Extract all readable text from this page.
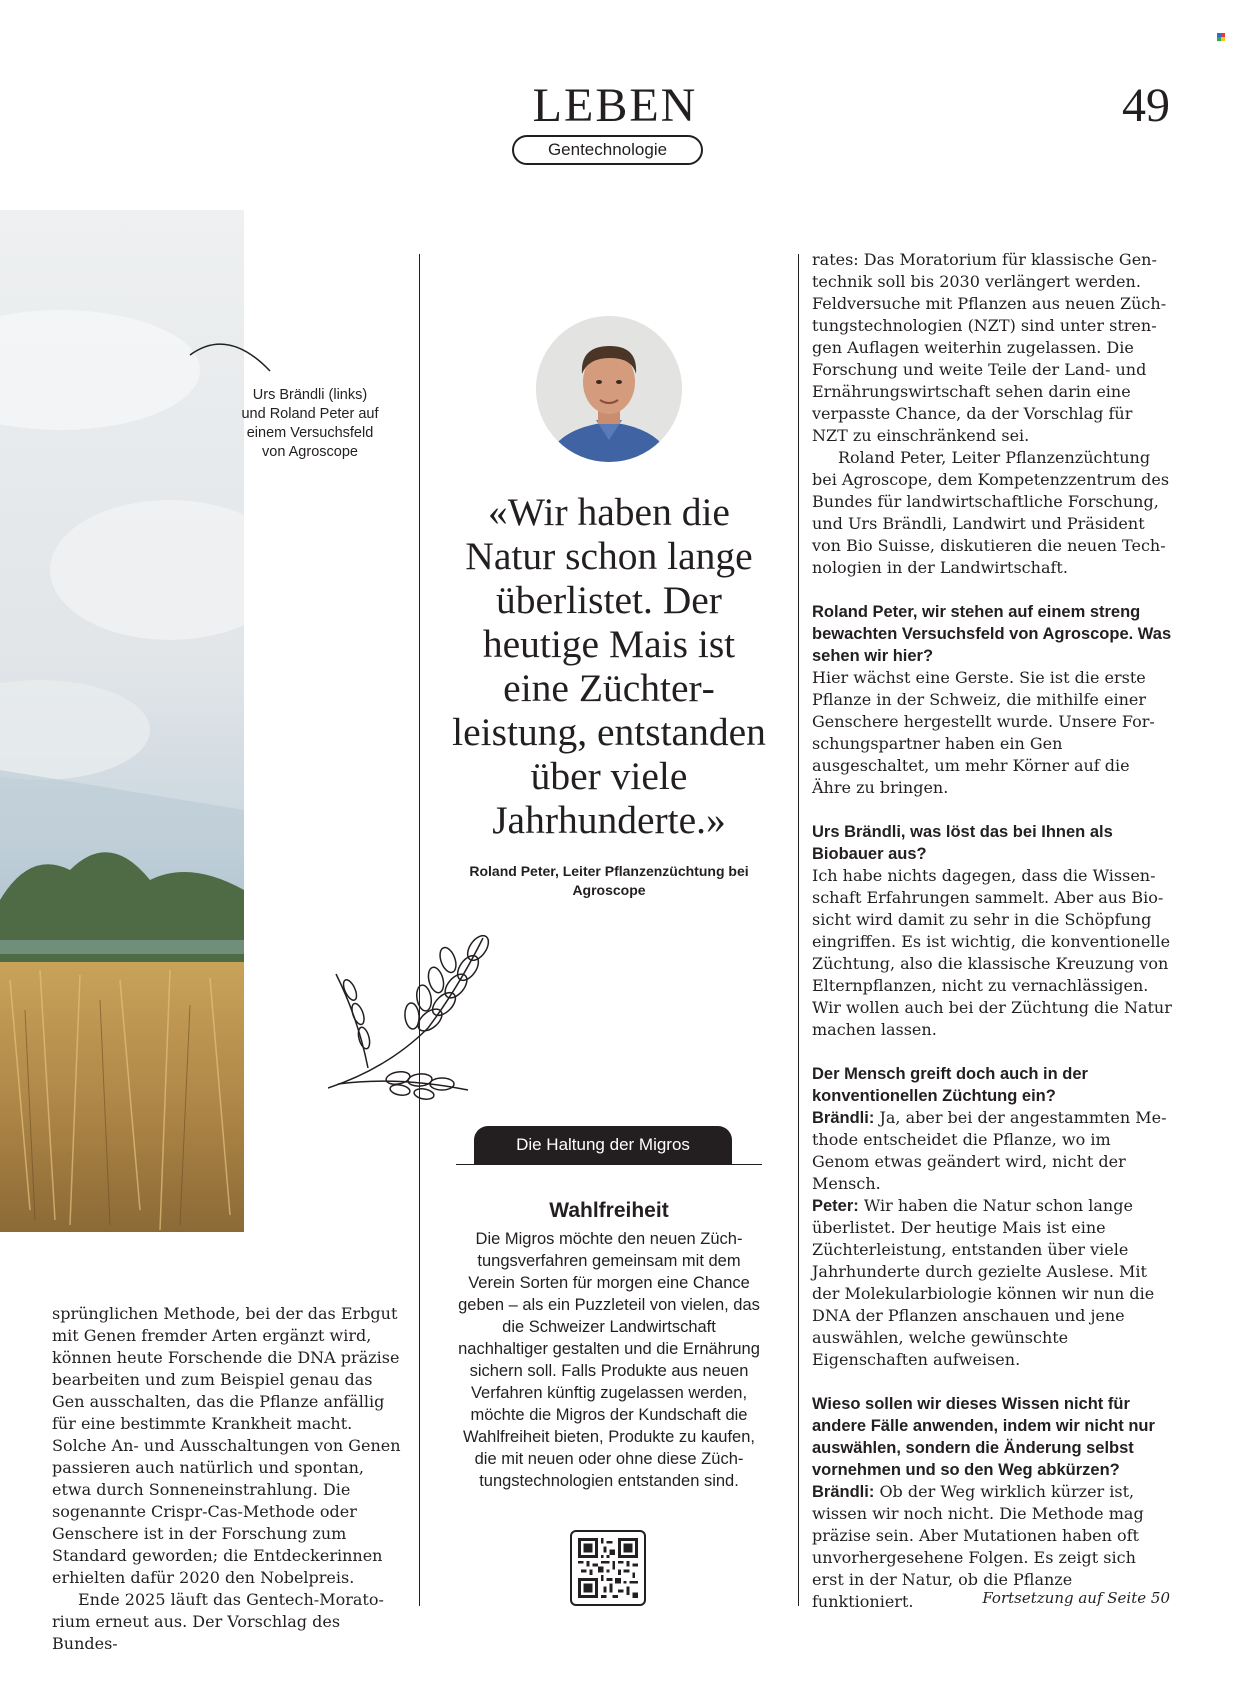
LEBEN
Gentechnologie
49
Urs Brändli (links) und Roland Peter auf einem Versuchsfeld von Agroscope
«Wir haben die Natur schon lange überlistet. Der heutige Mais ist eine Züchterleistung, entstanden über viele Jahrhunderte.»
Roland Peter, Leiter Pflanzenzüchtung bei Agroscope
Die Haltung der Migros
Wahlfreiheit
Die Migros möchte den neuen Züchtungsverfahren gemeinsam mit dem Verein Sorten für morgen eine Chance geben – als ein Puzzleteil von vielen, das die Schweizer Landwirtschaft nachhaltiger gestalten und die Ernährung sichern soll. Falls Produkte aus neuen Verfahren künftig zugelassen werden, möchte die Migros der Kundschaft die Wahlfreiheit bieten, Produkte zu kaufen, die mit neuen oder ohne diese Züchtungstechnologien entstanden sind.

sprünglichen Methode, bei der das Erbgut mit Genen fremder Arten ergänzt wird, können heute Forschende die DNA präzise bearbeiten und zum Beispiel genau das Gen ausschalten, das die Pflanze anfällig für eine bestimmte Krankheit macht. Solche An- und Ausschaltungen von Genen passieren auch natürlich und spontan, etwa durch Sonneneinstrahlung. Die sogenannte Crispr-Cas-Methode oder Genschere ist in der Forschung zum Standard geworden; die Entdeckerinnen erhielten dafür 2020 den Nobelpreis.

Ende 2025 läuft das Gentech-Moratorium erneut aus. Der Vorschlag des Bundes-

rates: Das Moratorium für klassische Gentechnik soll bis 2030 verlängert werden. Feldversuche mit Pflanzen aus neuen Züchtungstechnologien (NZT) sind unter strengen Auflagen weiterhin zugelassen. Die Forschung und weite Teile der Land- und Ernährungswirtschaft sehen darin eine verpasste Chance, da der Vorschlag für NZT zu einschränkend sei.

Roland Peter, Leiter Pflanzenzüchtung bei Agroscope, dem Kompetenzzentrum des Bundes für landwirtschaftliche Forschung, und Urs Brändli, Landwirt und Präsident von Bio Suisse, diskutieren die neuen Technologien in der Landwirtschaft.

Roland Peter, wir stehen auf einem streng bewachten Versuchsfeld von Agroscope. Was sehen wir hier?

Hier wächst eine Gerste. Sie ist die erste Pflanze in der Schweiz, die mithilfe einer Genschere hergestellt wurde. Unsere Forschungspartner haben ein Gen ausgeschaltet, um mehr Körner auf die Ähre zu bringen.

Urs Brändli, was löst das bei Ihnen als Biobauer aus?

Ich habe nichts dagegen, dass die Wissenschaft Erfahrungen sammelt. Aber aus Biosicht wird damit zu sehr in die Schöpfung eingriffen. Es ist wichtig, die konventionelle Züchtung, also die klassische Kreuzung von Elternpflanzen, nicht zu vernachlässigen. Wir wollen auch bei der Züchtung die Natur machen lassen.

Der Mensch greift doch auch in der konventionellen Züchtung ein?

Brändli: Ja, aber bei der angestammten Methode entscheidet die Pflanze, wo im Genom etwas geändert wird, nicht der Mensch.

Peter: Wir haben die Natur schon lange überlistet. Der heutige Mais ist eine Züchterleistung, entstanden über viele Jahrhunderte durch gezielte Auslese. Mit der Molekularbiologie können wir nun die DNA der Pflanzen anschauen und jene auswählen, welche gewünschte Eigenschaften aufweisen.

Wieso sollen wir dieses Wissen nicht für andere Fälle anwenden, indem wir nicht nur auswählen, sondern die Änderung selbst vornehmen und so den Weg abkürzen?

Brändli: Ob der Weg wirklich kürzer ist, wissen wir noch nicht. Die Methode mag präzise sein. Aber Mutationen haben oft unvorhergesehene Folgen. Es zeigt sich erst in der Natur, ob die Pflanze funktioniert.	Fortsetzung auf Seite 50
